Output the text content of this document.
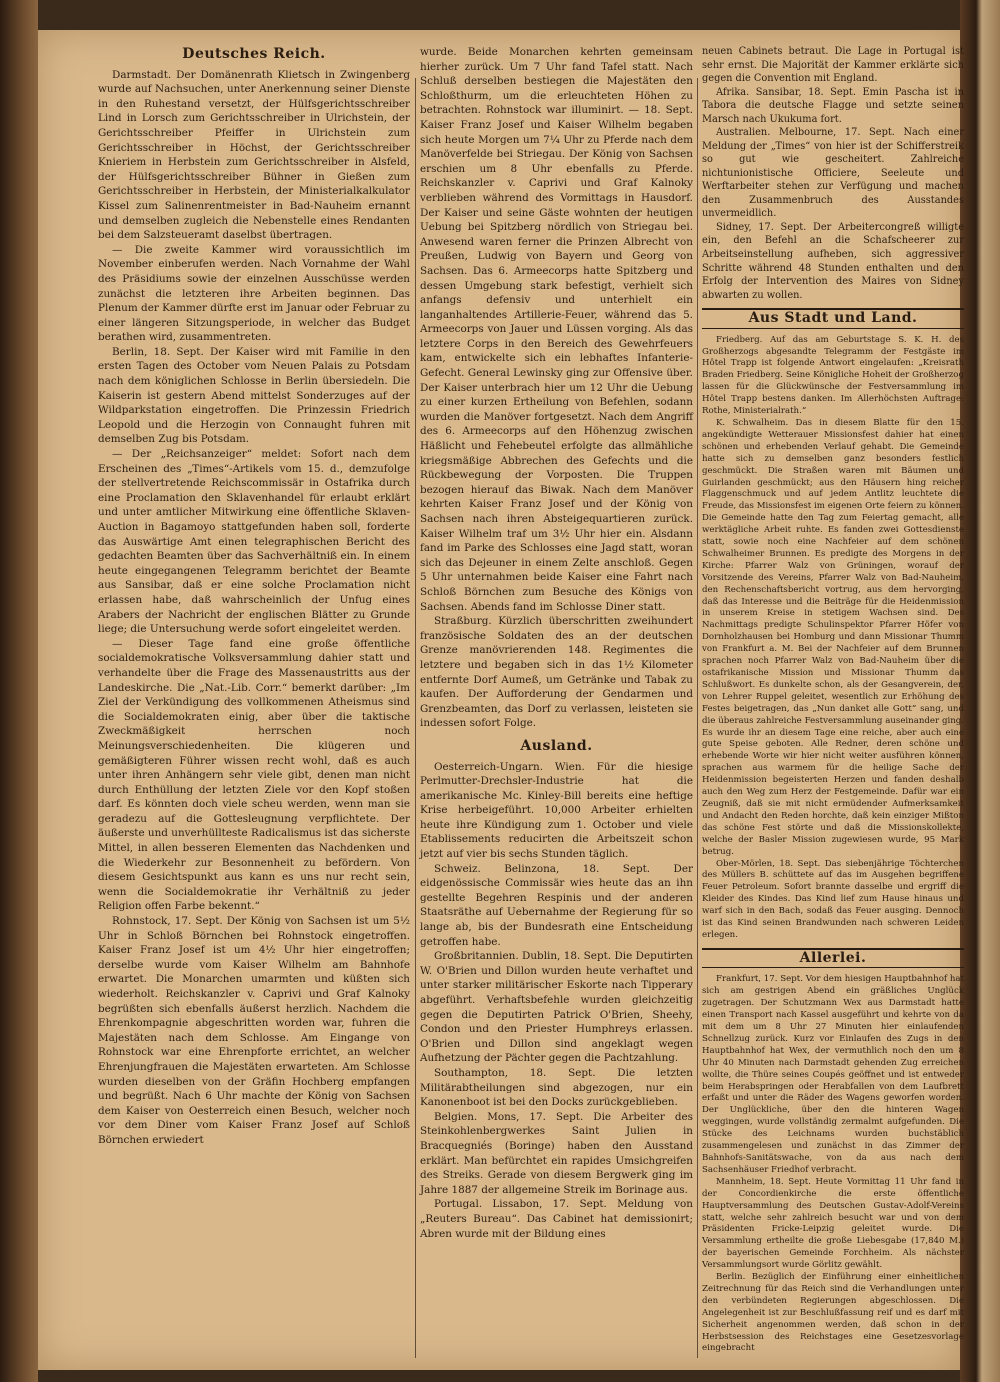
Deutsches Reich.

Darmstadt. Der Domänenrath Klietsch in Zwingenberg wurde auf Nachsuchen, unter Anerkennung seiner Dienste in den Ruhestand versetzt, der Hülfsgerichtsschreiber Lind in Lorsch zum Gerichtsschreiber in Ulrichstein, der Gerichtsschreiber Pfeiffer in Ulrichstein zum Gerichtsschreiber in Höchst, der Gerichtsschreiber Knieriem in Herbstein zum Gerichtsschreiber in Alsfeld, der Hülfsgerichtsschreiber Bühner in Gießen zum Gerichtsschreiber in Herbstein, der Ministerialkalkulator Kissel zum Salinenrentmeister in Bad-Nauheim ernannt und demselben zugleich die Nebenstelle eines Rendanten bei dem Salzsteueramt daselbst übertragen.

— Die zweite Kammer wird voraussichtlich im November einberufen werden. Nach Vornahme der Wahl des Präsidiums sowie der einzelnen Ausschüsse werden zunächst die letzteren ihre Arbeiten beginnen. Das Plenum der Kammer dürfte erst im Januar oder Februar zu einer längeren Sitzungsperiode, in welcher das Budget berathen wird, zusammentreten.

Berlin, 18. Sept. Der Kaiser wird mit Familie in den ersten Tagen des October vom Neuen Palais zu Potsdam nach dem königlichen Schlosse in Berlin übersiedeln. Die Kaiserin ist gestern Abend mittelst Sonderzuges auf der Wildparkstation eingetroffen. Die Prinzessin Friedrich Leopold und die Herzogin von Connaught fuhren mit demselben Zug bis Potsdam.

— Der „Reichsanzeiger“ meldet: Sofort nach dem Erscheinen des „Times“-Artikels vom 15. d., demzufolge der stellvertretende Reichscommissär in Ostafrika durch eine Proclamation den Sklavenhandel für erlaubt erklärt und unter amtlicher Mitwirkung eine öffentliche Sklaven-Auction in Bagamoyo stattgefunden haben soll, forderte das Auswärtige Amt einen telegraphischen Bericht des gedachten Beamten über das Sachverhältniß ein. In einem heute eingegangenen Telegramm berichtet der Beamte aus Sansibar, daß er eine solche Proclamation nicht erlassen habe, daß wahrscheinlich der Unfug eines Arabers der Nachricht der englischen Blätter zu Grunde liege; die Untersuchung werde sofort eingeleitet werden.

— Dieser Tage fand eine große öffentliche socialdemokratische Volksversammlung dahier statt und verhandelte über die Frage des Massenaustritts aus der Landeskirche. Die „Nat.-Lib. Corr.“ bemerkt darüber: „Im Ziel der Verkündigung des vollkommenen Atheismus sind die Socialdemokraten einig, aber über die taktische Zweckmäßigkeit herrschen noch Meinungsverschiedenheiten. Die klügeren und gemäßigteren Führer wissen recht wohl, daß es auch unter ihren Anhängern sehr viele gibt, denen man nicht durch Enthüllung der letzten Ziele vor den Kopf stoßen darf. Es könnten doch viele scheu werden, wenn man sie geradezu auf die Gottesleugnung verpflichtete. Der äußerste und unverhüllteste Radicalismus ist das sicherste Mittel, in allen besseren Elementen das Nachdenken und die Wiederkehr zur Besonnenheit zu befördern. Von diesem Gesichtspunkt aus kann es uns nur recht sein, wenn die Socialdemokratie ihr Verhältniß zu jeder Religion offen Farbe bekennt.“

Rohnstock, 17. Sept. Der König von Sachsen ist um 5½ Uhr in Schloß Börnchen bei Rohnstock eingetroffen. Kaiser Franz Josef ist um 4½ Uhr hier eingetroffen; derselbe wurde vom Kaiser Wilhelm am Bahnhofe erwartet. Die Monarchen umarmten und küßten sich wiederholt. Reichskanzler v. Caprivi und Graf Kalnoky begrüßten sich ebenfalls äußerst herzlich. Nachdem die Ehrenkompagnie abgeschritten worden war, fuhren die Majestäten nach dem Schlosse. Am Eingange von Rohnstock war eine Ehrenpforte errichtet, an welcher Ehrenjungfrauen die Majestäten erwarteten. Am Schlosse wurden dieselben von der Gräfin Hochberg empfangen und begrüßt. Nach 6 Uhr machte der König von Sachsen dem Kaiser von Oesterreich einen Besuch, welcher noch vor dem Diner vom Kaiser Franz Josef auf Schloß Börnchen erwiedert

wurde. Beide Monarchen kehrten gemeinsam hierher zurück. Um 7 Uhr fand Tafel statt. Nach Schluß derselben bestiegen die Majestäten den Schloßthurm, um die erleuchteten Höhen zu betrachten. Rohnstock war illuminirt. — 18. Sept. Kaiser Franz Josef und Kaiser Wilhelm begaben sich heute Morgen um 7¼ Uhr zu Pferde nach dem Manöverfelde bei Striegau. Der König von Sachsen erschien um 8 Uhr ebenfalls zu Pferde. Reichskanzler v. Caprivi und Graf Kalnoky verblieben während des Vormittags in Hausdorf. Der Kaiser und seine Gäste wohnten der heutigen Uebung bei Spitzberg nördlich von Striegau bei. Anwesend waren ferner die Prinzen Albrecht von Preußen, Ludwig von Bayern und Georg von Sachsen. Das 6. Armeecorps hatte Spitzberg und dessen Umgebung stark befestigt, verhielt sich anfangs defensiv und unterhielt ein langanhaltendes Artillerie-Feuer, während das 5. Armeecorps von Jauer und Lüssen vorging. Als das letztere Corps in den Bereich des Gewehrfeuers kam, entwickelte sich ein lebhaftes Infanterie-Gefecht. General Lewinsky ging zur Offensive über. Der Kaiser unterbrach hier um 12 Uhr die Uebung zu einer kurzen Ertheilung von Befehlen, sodann wurden die Manöver fortgesetzt. Nach dem Angriff des 6. Armeecorps auf den Höhenzug zwischen Häßlicht und Fehebeutel erfolgte das allmähliche kriegsmäßige Abbrechen des Gefechts und die Rückbewegung der Vorposten. Die Truppen bezogen hierauf das Biwak. Nach dem Manöver kehrten Kaiser Franz Josef und der König von Sachsen nach ihren Absteigequartieren zurück. Kaiser Wilhelm traf um 3½ Uhr hier ein. Alsdann fand im Parke des Schlosses eine Jagd statt, woran sich das Dejeuner in einem Zelte anschloß. Gegen 5 Uhr unternahmen beide Kaiser eine Fahrt nach Schloß Börnchen zum Besuche des Königs von Sachsen. Abends fand im Schlosse Diner statt.

Straßburg. Kürzlich überschritten zweihundert französische Soldaten des an der deutschen Grenze manövrierenden 148. Regimentes die letztere und begaben sich in das 1½ Kilometer entfernte Dorf Aumeß, um Getränke und Tabak zu kaufen. Der Aufforderung der Gendarmen und Grenzbeamten, das Dorf zu verlassen, leisteten sie indessen sofort Folge.

Ausland.

Oesterreich-Ungarn. Wien. Für die hiesige Perlmutter-Drechsler-Industrie hat die amerikanische Mc. Kinley-Bill bereits eine heftige Krise herbeigeführt. 10,000 Arbeiter erhielten heute ihre Kündigung zum 1. October und viele Etablissements reducirten die Arbeitszeit schon jetzt auf vier bis sechs Stunden täglich.

Schweiz. Belinzona, 18. Sept. Der eidgenössische Commissär wies heute das an ihn gestellte Begehren Respinis und der anderen Staatsräthe auf Uebernahme der Regierung für so lange ab, bis der Bundesrath eine Entscheidung getroffen habe.

Großbritannien. Dublin, 18. Sept. Die Deputirten W. O'Brien und Dillon wurden heute verhaftet und unter starker militärischer Eskorte nach Tipperary abgeführt. Verhaftsbefehle wurden gleichzeitig gegen die Deputirten Patrick O'Brien, Sheehy, Condon und den Priester Humphreys erlassen. O'Brien und Dillon sind angeklagt wegen Aufhetzung der Pächter gegen die Pachtzahlung.

Southampton, 18. Sept. Die letzten Militärabtheilungen sind abgezogen, nur ein Kanonenboot ist bei den Docks zurückgeblieben.

Belgien. Mons, 17. Sept. Die Arbeiter des Steinkohlenbergwerkes Saint Julien in Bracquegniés (Boringe) haben den Ausstand erklärt. Man befürchtet ein rapides Umsichgreifen des Streiks. Gerade von diesem Bergwerk ging im Jahre 1887 der allgemeine Streik im Borinage aus.

Portugal. Lissabon, 17. Sept. Meldung von „Reuters Bureau“. Das Cabinet hat demissionirt; Abren wurde mit der Bildung eines

neuen Cabinets betraut. Die Lage in Portugal ist sehr ernst. Die Majorität der Kammer erklärte sich gegen die Convention mit England.

Afrika. Sansibar, 18. Sept. Emin Pascha ist in Tabora die deutsche Flagge und setzte seinen Marsch nach Ukukuma fort.

Australien. Melbourne, 17. Sept. Nach einer Meldung der „Times“ von hier ist der Schifferstreik so gut wie gescheitert. Zahlreiche nichtunionistische Officiere, Seeleute und Werftarbeiter stehen zur Verfügung und machen den Zusammenbruch des Ausstandes unvermeidlich.

Sidney, 17. Sept. Der Arbeitercongreß willigte ein, den Befehl an die Schafscheerer zur Arbeitseinstellung aufheben, sich aggressiver Schritte während 48 Stunden enthalten und den Erfolg der Intervention des Maires von Sidney abwarten zu wollen.

Aus Stadt und Land.

Friedberg. Auf das am Geburtstage S. K. H. des Großherzogs abgesandte Telegramm der Festgäste im Hôtel Trapp ist folgende Antwort eingelaufen: „Kreisrath Braden Friedberg. Seine Königliche Hoheit der Großherzog lassen für die Glückwünsche der Festversammlung im Hôtel Trapp bestens danken. Im Allerhöchsten Auftrage: Rothe, Ministerialrath.“

K. Schwalheim. Das in diesem Blatte für den 15. angekündigte Wetterauer Missionsfest dahier hat einen schönen und erhebenden Verlauf gehabt. Die Gemeinde hatte sich zu demselben ganz besonders festlich geschmückt. Die Straßen waren mit Bäumen und Guirlanden geschmückt; aus den Häusern hing reicher Flaggenschmuck und auf jedem Antlitz leuchtete die Freude, das Missionsfest im eigenen Orte feiern zu können. Die Gemeinde hatte den Tag zum Feiertag gemacht, alle werktägliche Arbeit ruhte. Es fanden zwei Gottesdienste statt, sowie noch eine Nachfeier auf dem schönen Schwalheimer Brunnen. Es predigte des Morgens in der Kirche: Pfarrer Walz von Grüningen, worauf der Vorsitzende des Vereins, Pfarrer Walz von Bad-Nauheim, den Rechenschaftsbericht vortrug, aus dem hervorging, daß das Interesse und die Beiträge für die Heidenmission in unserem Kreise in stetigem Wachsen sind. Des Nachmittags predigte Schulinspektor Pfarrer Höfer von Dornholzhausen bei Homburg und dann Missionar Thumm von Frankfurt a. M. Bei der Nachfeier auf dem Brunnen sprachen noch Pfarrer Walz von Bad-Nauheim über die ostafrikanische Mission und Missionar Thumm das Schlußwort. Es dunkelte schon, als der Gesangverein, der, von Lehrer Ruppel geleitet, wesentlich zur Erhöhung des Festes beigetragen, das „Nun danket alle Gott“ sang, und die überaus zahlreiche Festversammlung auseinander ging. Es wurde ihr an diesem Tage eine reiche, aber auch eine gute Speise geboten. Alle Redner, deren schöne und erhebende Worte wir hier nicht weiter ausführen können, sprachen aus warmem für die heilige Sache der Heidenmission begeisterten Herzen und fanden deshalb auch den Weg zum Herz der Festgemeinde. Dafür war ein Zeugniß, daß sie mit nicht ermüdender Aufmerksamkeit und Andacht den Reden horchte, daß kein einziger Mißton das schöne Fest störte und daß die Missionskollekte, welche der Basler Mission zugewiesen wurde, 95 Mark betrug.

Ober-Mörlen, 18. Sept. Das siebenjährige Töchterchen des Müllers B. schüttete auf das im Ausgehen begriffene Feuer Petroleum. Sofort brannte dasselbe und ergriff die Kleider des Kindes. Das Kind lief zum Hause hinaus und warf sich in den Bach, sodaß das Feuer ausging. Dennoch ist das Kind seinen Brandwunden nach schweren Leiden erlegen.

Allerlei.

Frankfurt, 17. Sept. Vor dem hiesigen Hauptbahnhof hat sich am gestrigen Abend ein gräßliches Unglück zugetragen. Der Schutzmann Wex aus Darmstadt hatte einen Transport nach Kassel ausgeführt und kehrte von da mit dem um 8 Uhr 27 Minuten hier einlaufenden Schnellzug zurück. Kurz vor Einlaufen des Zugs in den Hauptbahnhof hat Wex, der vermuthlich noch den um 8 Uhr 40 Minuten nach Darmstadt gehenden Zug erreichen wollte, die Thüre seines Coupés geöffnet und ist entweder beim Herabspringen oder Herabfallen von dem Laufbrett erfaßt und unter die Räder des Wagens geworfen worden. Der Unglückliche, über den die hinteren Wagen weggingen, wurde vollständig zermalmt aufgefunden. Die Stücke des Leichnams wurden buchstäblich zusammengelesen und zunächst in das Zimmer der Bahnhofs-Sanitätswache, von da aus nach dem Sachsenhäuser Friedhof verbracht.

Mannheim, 18. Sept. Heute Vormittag 11 Uhr fand in der Concordienkirche die erste öffentliche Hauptversammlung des Deutschen Gustav-Adolf-Vereins statt, welche sehr zahlreich besucht war und von dem Präsidenten Fricke-Leipzig geleitet wurde. Die Versammlung ertheilte die große Liebesgabe (17,840 M.) der bayerischen Gemeinde Forchheim. Als nächster Versammlungsort wurde Görlitz gewählt.

Berlin. Bezüglich der Einführung einer einheitlichen Zeitrechnung für das Reich sind die Verhandlungen unter den verbündeten Regierungen abgeschlossen. Die Angelegenheit ist zur Beschlußfassung reif und es darf mit Sicherheit angenommen werden, daß schon in der Herbstsession des Reichstages eine Gesetzesvorlage eingebracht
